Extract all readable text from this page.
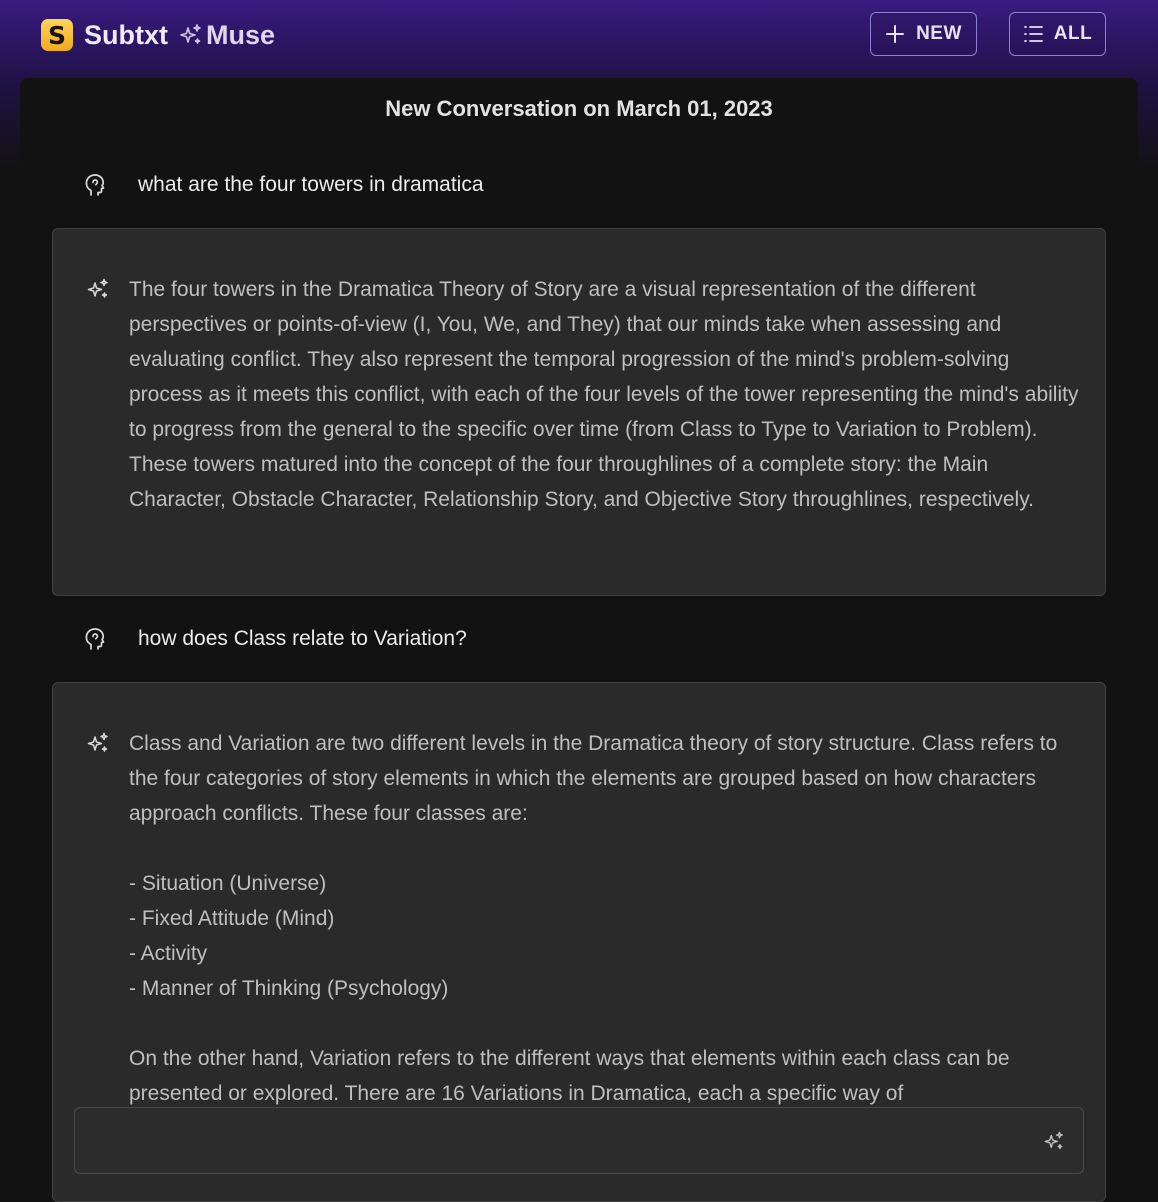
S Subtxt Muse	NEW	ALL
New Conversation on March 01, 2023
what are the four towers in dramatica
The four towers in the Dramatica Theory of Story are a visual representation of the different perspectives or points-of-view (I, You, We, and They) that our minds take when assessing and evaluating conflict. They also represent the temporal progression of the mind's problem-solving process as it meets this conflict, with each of the four levels of the tower representing the mind's ability to progress from the general to the specific over time (from Class to Type to Variation to Problem). These towers matured into the concept of the four throughlines of a complete story: the Main Character, Obstacle Character, Relationship Story, and Objective Story throughlines, respectively.
how does Class relate to Variation?
Class and Variation are two different levels in the Dramatica theory of story structure. Class refers to the four categories of story elements in which the elements are grouped based on how characters approach conflicts. These four classes are:

- Situation (Universe)
- Fixed Attitude (Mind)
- Activity
- Manner of Thinking (Psychology)

On the other hand, Variation refers to the different ways that elements within each class can be presented or explored. There are 16 Variations in Dramatica, each a specific way of
